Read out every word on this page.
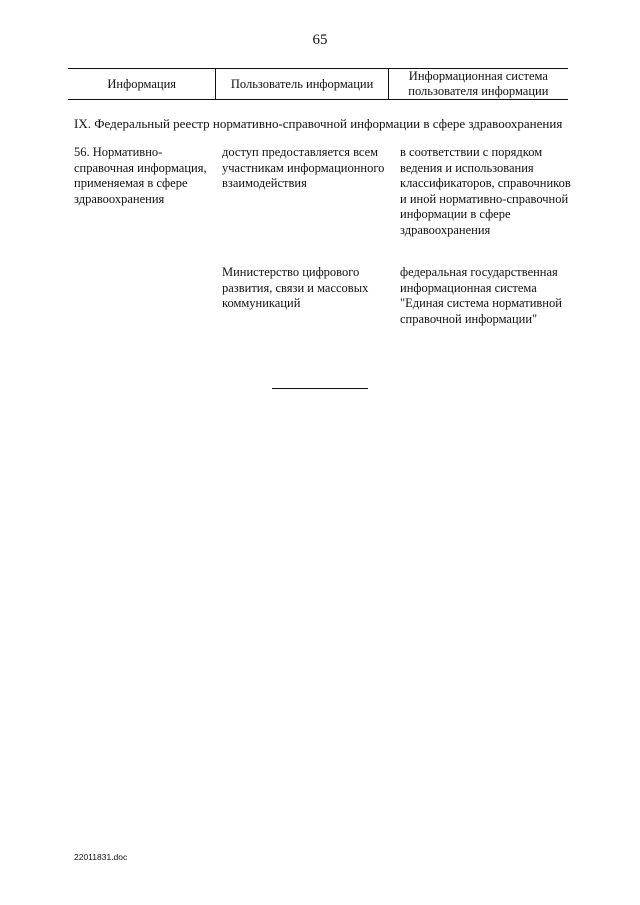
65
Информация	Пользователь информации
Информационная система пользователя информации
IX. Федеральный реестр нормативно-справочной информации в сфере здравоохранения
56. Нормативно-справочная информация, применяемая в сфере здравоохранения
доступ предоставляется всем участникам информационного взаимодействия
в соответствии с порядком ведения и использования классификаторов, справочников и иной нормативно-справочной информации в сфере здравоохранения
Министерство цифрового развития, связи и массовых коммуникаций
федеральная государственная информационная система "Единая система нормативной справочной информации"
22011831.doc
